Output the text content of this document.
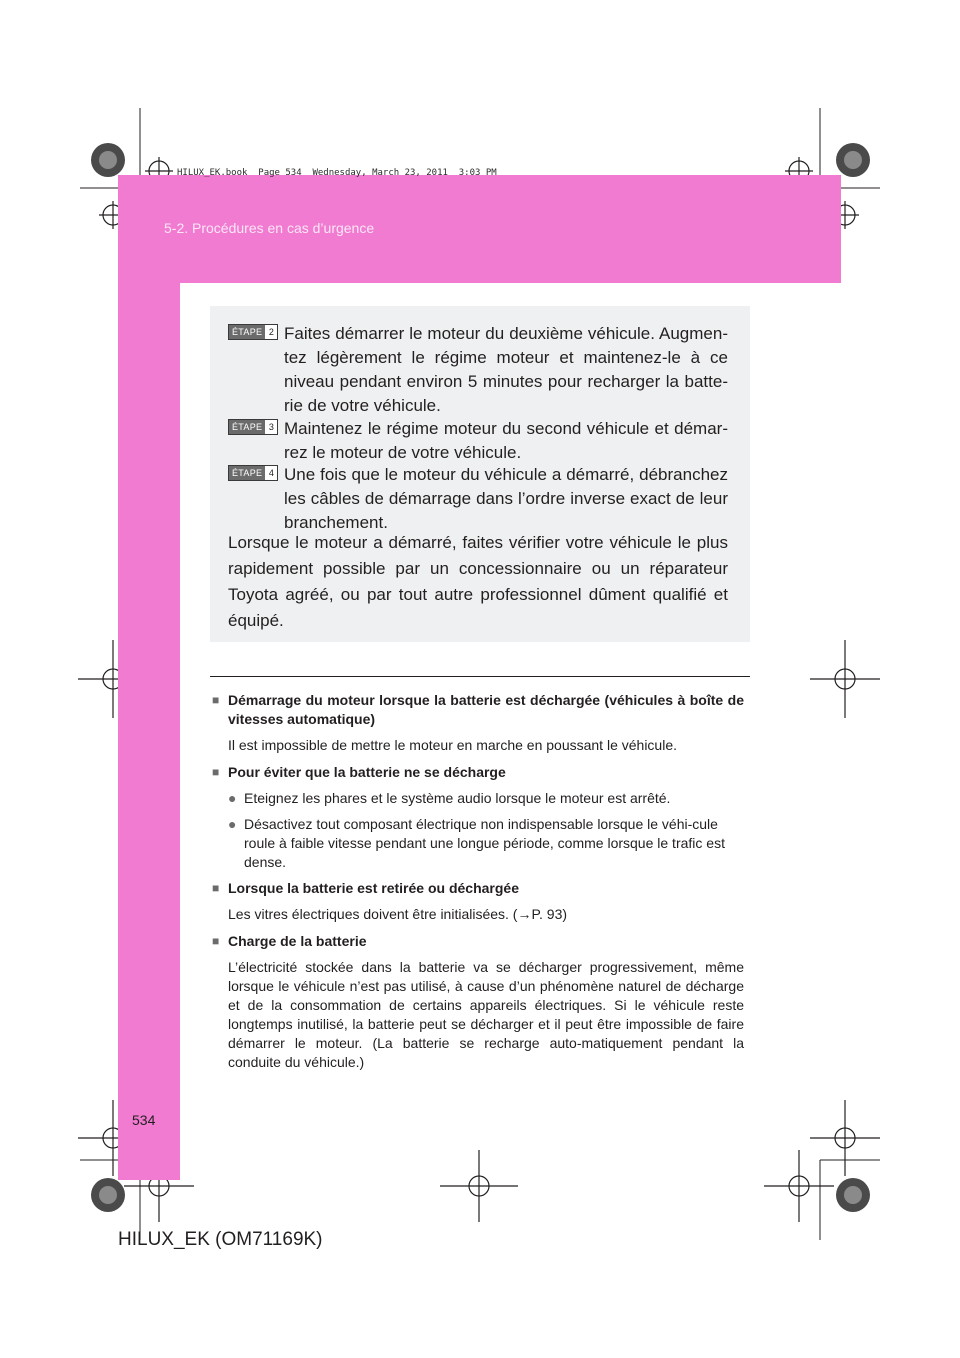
HILUX_EK.book  Page 534  Wednesday, March 23, 2011  3:03 PM
5-2. Procédures en cas d’urgence
Faites démarrer le moteur du deuxième véhicule. Augmen-tez légèrement le régime moteur et maintenez-le à ce niveau pendant environ 5 minutes pour recharger la batte-rie de votre véhicule.
ÉTAPE 2
Maintenez le régime moteur du second véhicule et démar-rez le moteur de votre véhicule.
ÉTAPE 3
Une fois que le moteur du véhicule a démarré, débranchez les câbles de démarrage dans l’ordre inverse exact de leur branchement.
ÉTAPE 4
Lorsque le moteur a démarré, faites vérifier votre véhicule le plus rapidement possible par un concessionnaire ou un réparateur Toyota agréé, ou par tout autre professionnel dûment qualifié et équipé.
■ Démarrage du moteur lorsque la batterie est déchargée (véhicules à boîte de vitesses automatique)
Il est impossible de mettre le moteur en marche en poussant le véhicule.
■ Pour éviter que la batterie ne se décharge
● Eteignez les phares et le système audio lorsque le moteur est arrêté.
● Désactivez tout composant électrique non indispensable lorsque le véhi-cule roule à faible vitesse pendant une longue période, comme lorsque le trafic est dense.
■ Lorsque la batterie est retirée ou déchargée
Les vitres électriques doivent être initialisées. (→P. 93)
■ Charge de la batterie
L’électricité stockée dans la batterie va se décharger progressivement, même lorsque le véhicule n’est pas utilisé, à cause d’un phénomène naturel de décharge et de la consommation de certains appareils électriques. Si le véhicule reste longtemps inutilisé, la batterie peut se décharger et il peut être impossible de faire démarrer le moteur. (La batterie se recharge auto-matiquement pendant la conduite du véhicule.)
534
HILUX_EK (OM71169K)
